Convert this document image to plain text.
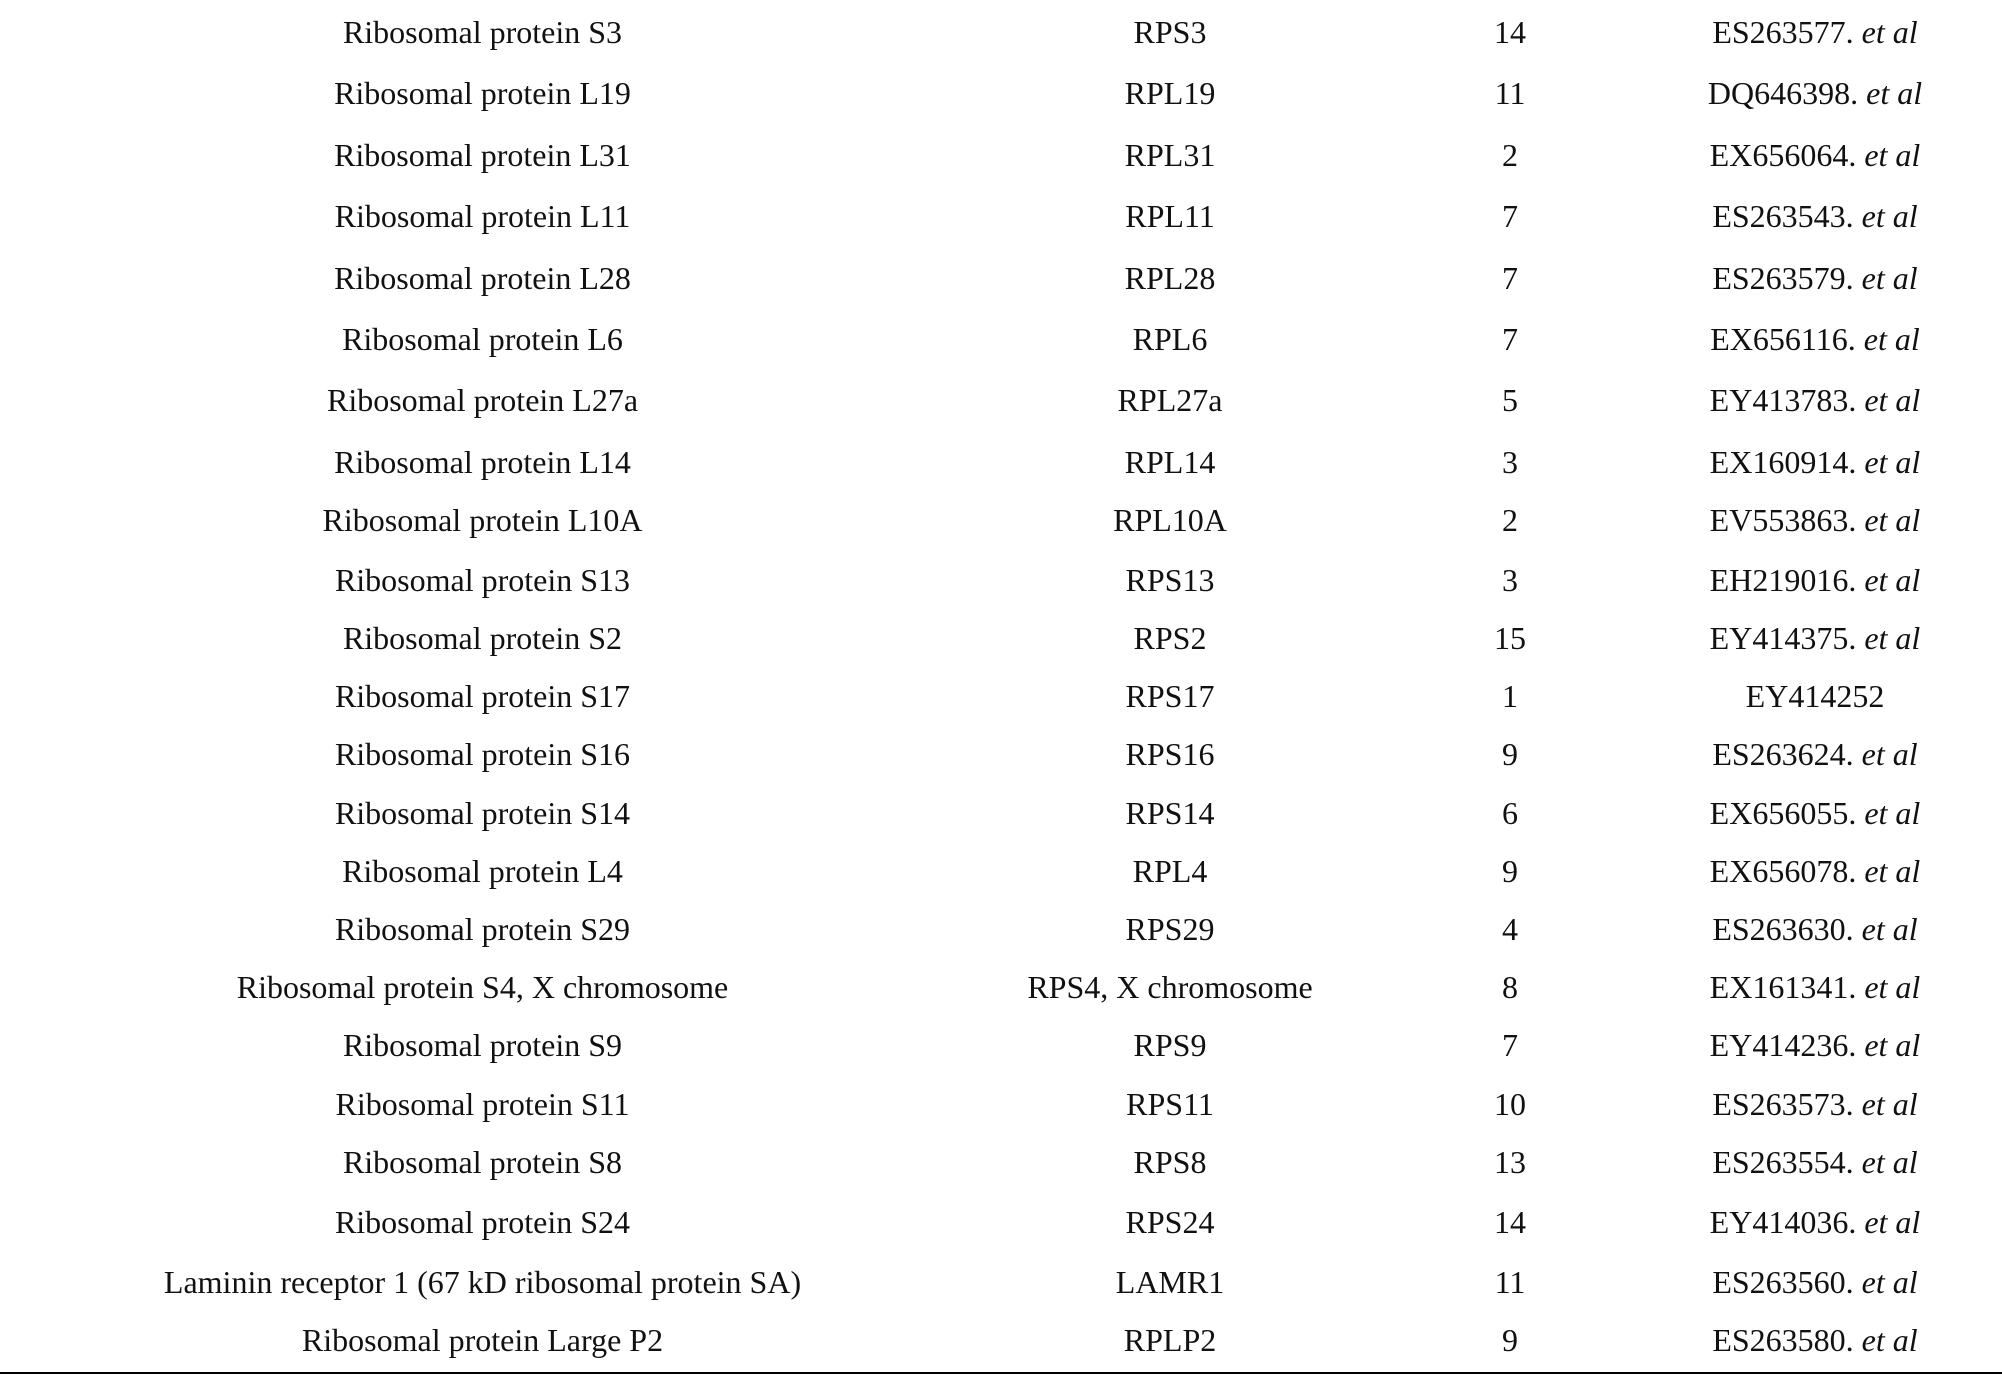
Ribosomal protein S3	RPS3	14	ES263577. et al
Ribosomal protein L19	RPL19	11	DQ646398. et al
Ribosomal protein L31	RPL31	2	EX656064. et al
Ribosomal protein L11	RPL11	7	ES263543. et al
Ribosomal protein L28	RPL28	7	ES263579. et al
Ribosomal protein L6	RPL6	7	EX656116. et al
Ribosomal protein L27a	RPL27a	5	EY413783. et al
Ribosomal protein L14	RPL14	3	EX160914. et al
Ribosomal protein L10A	RPL10A	2	EV553863. et al
Ribosomal protein S13	RPS13	3	EH219016. et al
Ribosomal protein S2	RPS2	15	EY414375. et al
Ribosomal protein S17	RPS17	1	EY414252
Ribosomal protein S16	RPS16	9	ES263624. et al
Ribosomal protein S14	RPS14	6	EX656055. et al
Ribosomal protein L4	RPL4	9	EX656078. et al
Ribosomal protein S29	RPS29	4	ES263630. et al
Ribosomal protein S4, X chromosome	RPS4, X chromosome	8	EX161341. et al
Ribosomal protein S9	RPS9	7	EY414236. et al
Ribosomal protein S11	RPS11	10	ES263573. et al
Ribosomal protein S8	RPS8	13	ES263554. et al
Ribosomal protein S24	RPS24	14	EY414036. et al
Laminin receptor 1 (67 kD ribosomal protein SA)	LAMR1	11	ES263560. et al
Ribosomal protein Large P2	RPLP2	9	ES263580. et al
